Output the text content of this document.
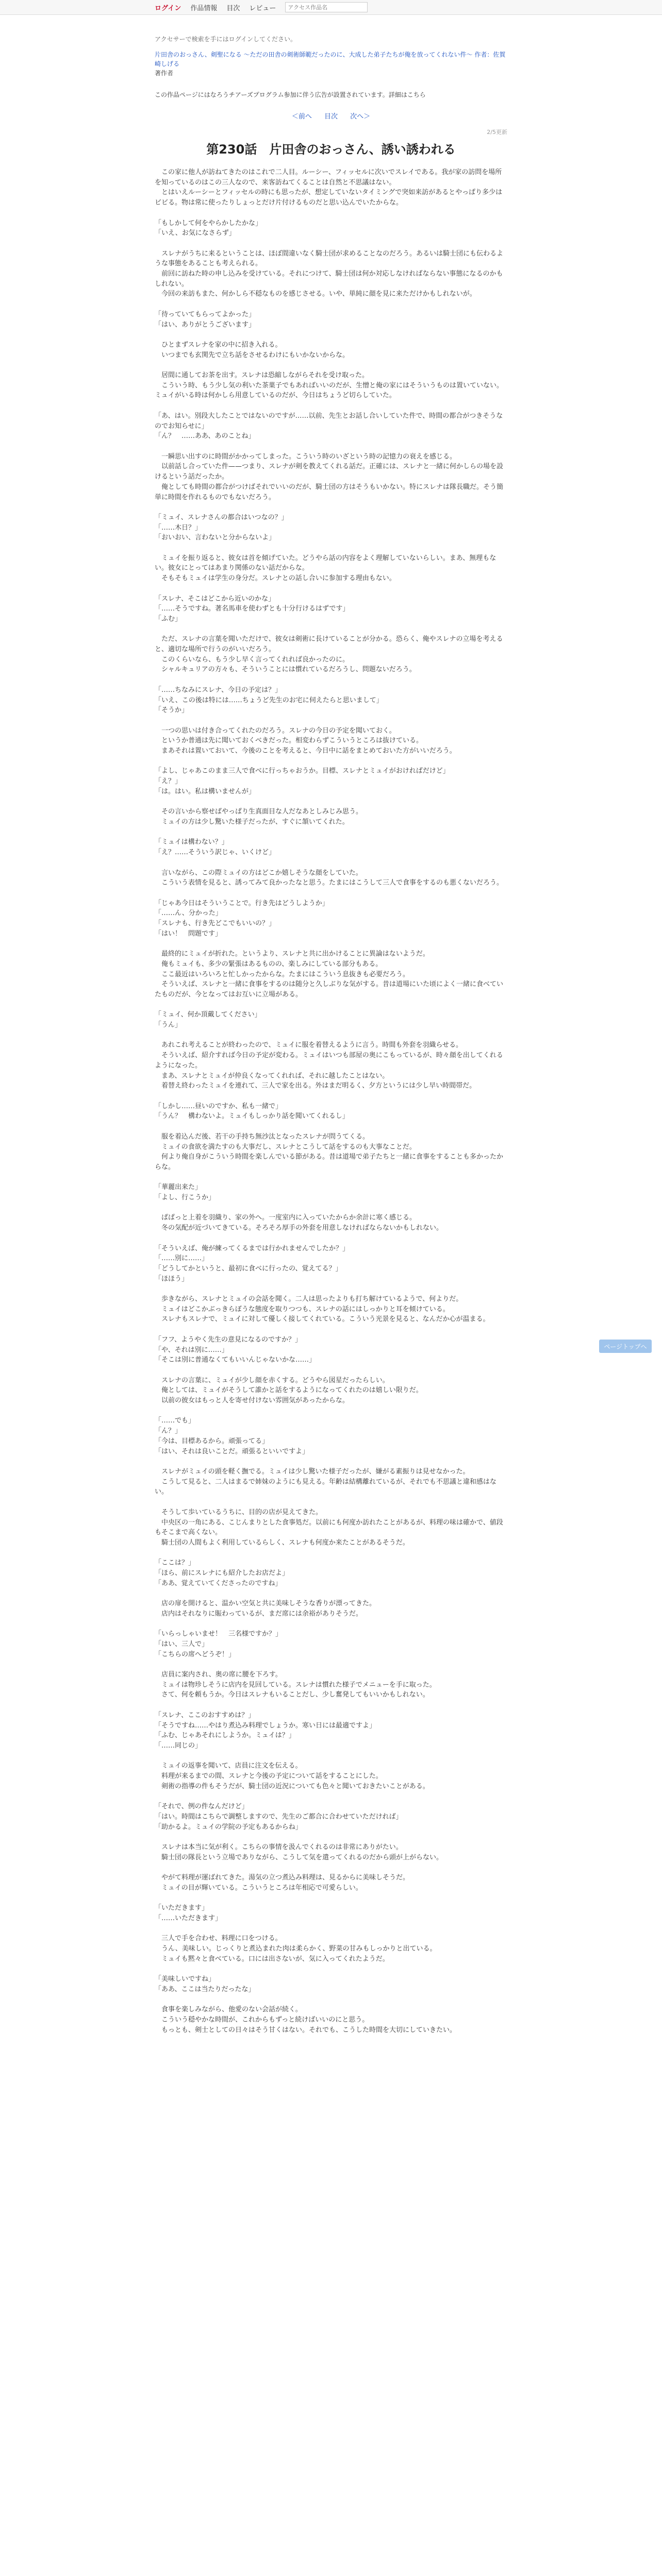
ログイン 作品情報 目次 レビュー
アクセス作品名
アクセサーで検索を手にはログインしてください。
片田舎のおっさん、剣聖になる ～ただの田舎の剣術師範だったのに、大成した弟子たちが俺を放ってくれない件～ 作者：佐賀崎しげる
著作者
この作品ページにはなろうチアーズプログラム参加に伴う広告が設置されています。詳細はこちら
＜前へ 目次 次へ＞
2/5更新
第230話　片田舎のおっさん、誘い誘われる
　この家に他人が訪ねてきたのはこれで二人目。ルーシー、フィッセルに次いでスレイである。我が家の訪問を場所を知っているのはこの三人なので、来客訪ねてくることは自然と不思議はない。
　とはいえルーシーとフィッセルの時にも思ったが、想定していないタイミングで突如来訪があるとやっぱり多少はビビる。物は常に使ったりしょっとだけ片付けるものだと思い込んでいたからな。

「もしかして何をやらかしたかな」
「いえ、お気になさらず」

　スレナがうちに来るということは、ほぼ間違いなく騎士団が求めることなのだろう。あるいは騎士団にも伝わるような事態をあることも考えられる。
　前回に訪ねた時の申し込みを受けている。それにつけて、騎士団は何か対応しなければならない事態になるのかもしれない。
　今回の来訪もまた、何かしら不穏なものを感じさせる。いや、単純に顔を見に来ただけかもしれないが。

「待っていてもらってよかった」
「はい、ありがとうございます」

　ひとまずスレナを家の中に招き入れる。
　いつまでも玄関先で立ち話をさせるわけにもいかないからな。

　居間に通してお茶を出す。スレナは恐縮しながらそれを受け取った。
　こういう時、もう少し気の利いた茶菓子でもあればいいのだが、生憎と俺の家にはそういうものは置いていない。ミュイがいる時は何かしら用意しているのだが、今日はちょうど切らしていた。

「あ、はい。別段大したことではないのですが……以前、先生とお話し合いしていた件で、時間の都合がつきそうなのでお知らせに」
「ん？　……ああ、あのことね」

　一瞬思い出すのに時間がかかってしまった。こういう時のいざという時の記憶力の衰えを感じる。
　以前話し合っていた件——つまり、スレナが剣を教えてくれる話だ。正確には、スレナと一緒に何かしらの場を設けるという話だったか。
　俺としても時間の都合がつけばそれでいいのだが、騎士団の方はそうもいかない。特にスレナは隊長職だ。そう簡単に時間を作れるものでもないだろう。

「ミュイ、スレナさんの都合はいつなの？」
「……木日？」
「おいおい、言わないと分からないよ」

　ミュイを振り返ると、彼女は首を傾げていた。どうやら話の内容をよく理解していないらしい。まあ、無理もない。彼女にとってはあまり関係のない話だからな。
　そもそもミュイは学生の身分だ。スレナとの話し合いに参加する理由もない。

「スレナ、そこはどこから近いのかな」
「……そうですね。著名馬車を使わずとも十分行けるはずです」
「ふむ」

　ただ、スレナの言葉を聞いただけで、彼女は剣術に長けていることが分かる。恐らく、俺やスレナの立場を考えると、適切な場所で行うのがいいだろう。
　このくらいなら、もう少し早く言ってくれれば良かったのに。
　シャルキュリアの方々も、そういうことには慣れているだろうし、問題ないだろう。

「……ちなみにスレナ、今日の予定は？」
「いえ、この後は特には……ちょうど先生のお宅に伺えたらと思いまして」
「そうか」

　一つの思いは付き合ってくれたのだろう。スレナの今日の予定を聞いておく。
　というか普通は先に聞いておくべきだった。相変わらずこういうところは抜けている。
　まあそれは置いておいて、今後のことを考えると、今日中に話をまとめておいた方がいいだろう。

「よし、じゃあこのまま三人で食べに行っちゃおうか。目標、スレナとミュイがおければだけど」
「え？」
「は。はい。私は構いませんが」

　その言いから察せばやっぱり生真面目な人だなあとしみじみ思う。
　ミュイの方は少し驚いた様子だったが、すぐに頷いてくれた。

「ミュイは構わない？」
「え？……そういう訳じゃ、いくけど」

　言いながら、この際ミュイの方はどこか嬉しそうな顔をしていた。
　こういう表情を見ると、誘ってみて良かったなと思う。たまにはこうして三人で食事をするのも悪くないだろう。

「じゃあ今日はそういうことで。行き先はどうしようか」
「……ん、分かった」
「スレナも、行き先どこでもいいの？」
「はい！　問題です」

　最終的にミュイが折れた。というより、スレナと共に出かけることに異論はないようだ。
　俺もミュイも、多少の緊張はあるものの、楽しみにしている部分もある。
　ここ最近はいろいろと忙しかったからな。たまにはこういう息抜きも必要だろう。
　そういえば、スレナと一緒に食事をするのは随分と久しぶりな気がする。昔は道場にいた頃によく一緒に食べていたものだが、今となってはお互いに立場がある。

「ミュイ、何か頂戴してください」
「うん」

　あれこれ考えることが終わったので、ミュイに服を着替えるように言う。時間も外套を羽織らせる。
　そういえば、紹介すれば今日の予定が変わる。ミュイはいつも部屋の奥にこもっているが、時々顔を出してくれるようになった。
　まあ、スレナとミュイが仲良くなってくれれば、それに越したことはない。
　着替え終わったミュイを連れて、三人で家を出る。外はまだ明るく、夕方というには少し早い時間帯だ。

「しかし……昼いのですか、私も一緒で」
「うん？　構わないよ。ミュイもしっかり話を聞いてくれるし」

　服を着込んだ後、若干の手持ち無沙汰となったスレナが問うてくる。
　ミュイの食欲を満たすのも大事だし、スレナとこうして話をするのも大事なことだ。
　何より俺自身がこういう時間を楽しんでいる節がある。昔は道場で弟子たちと一緒に食事をすることも多かったからな。

「華麗出来た」
「よし、行こうか」

　ぱぱっと上着を羽織り、家の外へ。一度室内に入っていたからか余計に寒く感じる。
　冬の気配が近づいてきている。そろそろ厚手の外套を用意しなければならないかもしれない。

「そういえば、俺が練ってくるまでは行かれませんでしたか？」
「……別に……」
「どうしてかというと、最初に食べに行ったの、覚えてる？」
「ほほう」

　歩きながら、スレナとミュイの会話を聞く。二人は思ったよりも打ち解けているようで、何よりだ。
　ミュイはどこかぶっきらぼうな態度を取りつつも、スレナの話にはしっかりと耳を傾けている。
　スレナもスレナで、ミュイに対して優しく接してくれている。こういう光景を見ると、なんだか心が温まる。

「フフ、ようやく先生の意見になるのですか？」
「や、それは別に……」
「そこは別に普通なくてもいいんじゃないかな……」

　スレナの言葉に、ミュイが少し顔を赤くする。どうやら図星だったらしい。
　俺としては、ミュイがそうして誰かと話をするようになってくれたのは嬉しい限りだ。
　以前の彼女はもっと人を寄せ付けない雰囲気があったからな。

「……でも」
「ん？」
「今は、目標あるから。頑張ってる」
「はい、それは良いことだ。頑張るといいですよ」

　スレナがミュイの頭を軽く撫でる。ミュイは少し驚いた様子だったが、嫌がる素振りは見せなかった。
　こうして見ると、二人はまるで姉妹のようにも見える。年齢は結構離れているが、それでも不思議と違和感はない。

　そうして歩いているうちに、目的の店が見えてきた。
　中央区の一角にある、こじんまりとした食事処だ。以前にも何度か訪れたことがあるが、料理の味は確かで、値段もそこまで高くない。
　騎士団の人間もよく利用しているらしく、スレナも何度か来たことがあるそうだ。

「ここは？」
「ほら、前にスレナにも紹介したお店だよ」
「ああ、覚えていてくださったのですね」

　店の扉を開けると、温かい空気と共に美味しそうな香りが漂ってきた。
　店内はそれなりに賑わっているが、まだ席には余裕がありそうだ。

「いらっしゃいませ！　三名様ですか？」
「はい、三人で」
「こちらの席へどうぞ！」

　店員に案内され、奥の席に腰を下ろす。
　ミュイは物珍しそうに店内を見回している。スレナは慣れた様子でメニューを手に取った。
　さて、何を頼もうか。今日はスレナもいることだし、少し奮発してもいいかもしれない。

「スレナ、ここのおすすめは？」
「そうですね……やはり煮込み料理でしょうか。寒い日には最適ですよ」
「ふむ、じゃあそれにしようか。ミュイは？」
「……同じの」

　ミュイの返事を聞いて、店員に注文を伝える。
　料理が来るまでの間、スレナと今後の予定について話をすることにした。
　剣術の指導の件もそうだが、騎士団の近況についても色々と聞いておきたいことがある。

「それで、例の件なんだけど」
「はい。時間はこちらで調整しますので、先生のご都合に合わせていただければ」
「助かるよ。ミュイの学院の予定もあるからね」

　スレナは本当に気が利く。こちらの事情を汲んでくれるのは非常にありがたい。
　騎士団の隊長という立場でありながら、こうして気を遣ってくれるのだから頭が上がらない。

　やがて料理が運ばれてきた。湯気の立つ煮込み料理は、見るからに美味しそうだ。
　ミュイの目が輝いている。こういうところは年相応で可愛らしい。

「いただきます」
「……いただきます」

　三人で手を合わせ、料理に口をつける。
　うん、美味しい。じっくりと煮込まれた肉は柔らかく、野菜の甘みもしっかりと出ている。
　ミュイも黙々と食べている。口には出さないが、気に入ってくれたようだ。

「美味しいですね」
「ああ、ここは当たりだったな」

　食事を楽しみながら、他愛のない会話が続く。
　こういう穏やかな時間が、これからもずっと続けばいいのにと思う。
　もっとも、剣士としての日々はそう甘くはない。それでも、こうした時間を大切にしていきたい。
ページトップへ
